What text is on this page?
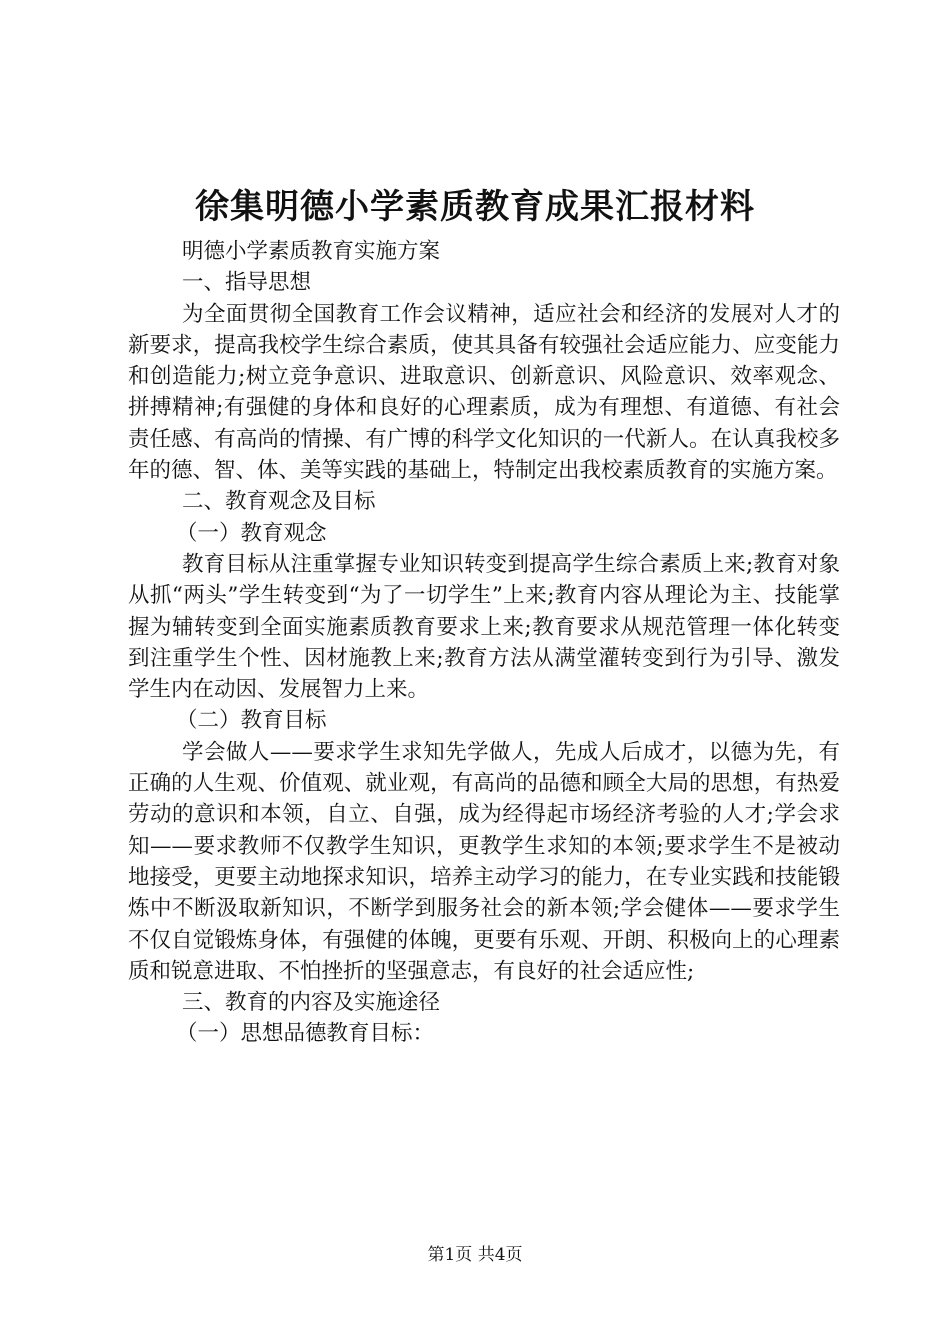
徐集明德小学素质教育成果汇报材料

明德小学素质教育实施方案

一、指导思想

为全面贯彻全国教育工作会议精神，适应社会和经济的发展对人才的新要求，提高我校学生综合素质，使其具备有较强社会适应能力、应变能力和创造能力;树立竞争意识、进取意识、创新意识、风险意识、效率观念、拼搏精神;有强健的身体和良好的心理素质，成为有理想、有道德、有社会责任感、有高尚的情操、有广博的科学文化知识的一代新人。在认真我校多年的德、智、体、美等实践的基础上，特制定出我校素质教育的实施方案。

二、教育观念及目标

（一）教育观念

教育目标从注重掌握专业知识转变到提高学生综合素质上来;教育对象从抓“两头”学生转变到“为了一切学生”上来;教育内容从理论为主、技能掌握为辅转变到全面实施素质教育要求上来;教育要求从规范管理一体化转变到注重学生个性、因材施教上来;教育方法从满堂灌转变到行为引导、激发学生内在动因、发展智力上来。

（二）教育目标

学会做人——要求学生求知先学做人，先成人后成才，以德为先，有正确的人生观、价值观、就业观，有高尚的品德和顾全大局的思想，有热爱劳动的意识和本领，自立、自强，成为经得起市场经济考验的人才;学会求知——要求教师不仅教学生知识，更教学生求知的本领;要求学生不是被动地接受，更要主动地探求知识，培养主动学习的能力，在专业实践和技能锻炼中不断汲取新知识，不断学到服务社会的新本领;学会健体——要求学生不仅自觉锻炼身体，有强健的体魄，更要有乐观、开朗、积极向上的心理素质和锐意进取、不怕挫折的坚强意志，有良好的社会适应性;

三、教育的内容及实施途径

（一）思想品德教育目标：

第1页 共4页
